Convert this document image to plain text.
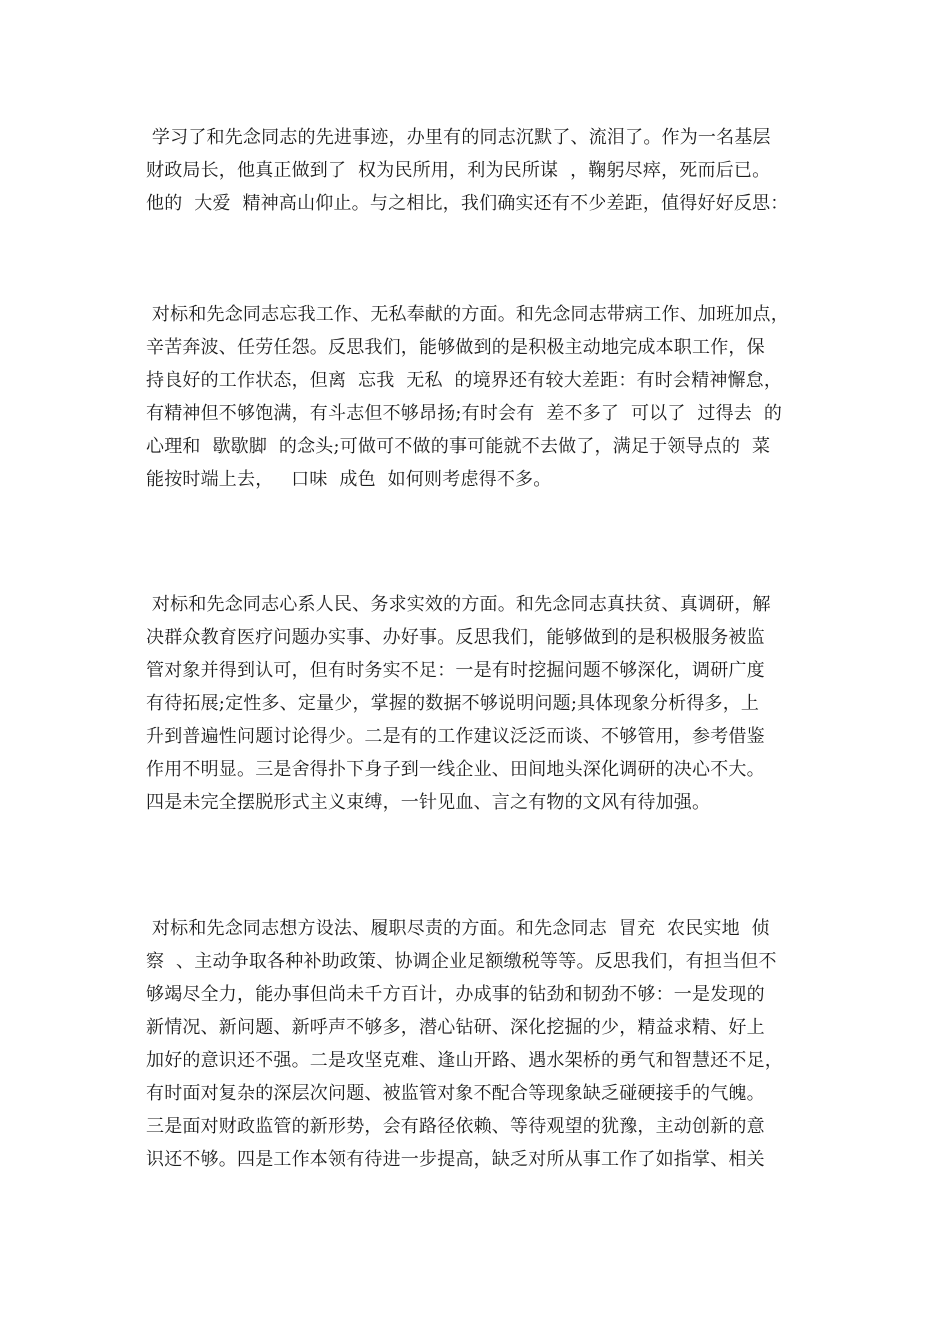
学习了和先念同志的先进事迹，办里有的同志沉默了、流泪了。作为一名基层
财政局长，他真正做到了  权为民所用，利为民所谋  ，鞠躬尽瘁，死而后已。
他的  大爱  精神高山仰止。与之相比，我们确实还有不少差距，值得好好反思：
对标和先念同志忘我工作、无私奉献的方面。和先念同志带病工作、加班加点，
辛苦奔波、任劳任怨。反思我们，能够做到的是积极主动地完成本职工作，保
持良好的工作状态，但离  忘我  无私  的境界还有较大差距：有时会精神懈怠，
有精神但不够饱满，有斗志但不够昂扬;有时会有  差不多了  可以了  过得去  的
心理和  歇歇脚  的念头;可做可不做的事可能就不去做了，满足于领导点的  菜
能按时端上去，   口味  成色  如何则考虑得不多。
对标和先念同志心系人民、务求实效的方面。和先念同志真扶贫、真调研，解
决群众教育医疗问题办实事、办好事。反思我们，能够做到的是积极服务被监
管对象并得到认可，但有时务实不足：一是有时挖掘问题不够深化，调研广度
有待拓展;定性多、定量少，掌握的数据不够说明问题;具体现象分析得多，上
升到普遍性问题讨论得少。二是有的工作建议泛泛而谈、不够管用，参考借鉴
作用不明显。三是舍得扑下身子到一线企业、田间地头深化调研的决心不大。
四是未完全摆脱形式主义束缚，一针见血、言之有物的文风有待加强。
对标和先念同志想方设法、履职尽责的方面。和先念同志  冒充  农民实地  侦
察  、主动争取各种补助政策、协调企业足额缴税等等。反思我们，有担当但不
够竭尽全力，能办事但尚未千方百计，办成事的钻劲和韧劲不够：一是发现的
新情况、新问题、新呼声不够多，潜心钻研、深化挖掘的少，精益求精、好上
加好的意识还不强。二是攻坚克难、逢山开路、遇水架桥的勇气和智慧还不足，
有时面对复杂的深层次问题、被监管对象不配合等现象缺乏碰硬接手的气魄。
三是面对财政监管的新形势，会有路径依赖、等待观望的犹豫，主动创新的意
识还不够。四是工作本领有待进一步提高，缺乏对所从事工作了如指掌、相关
